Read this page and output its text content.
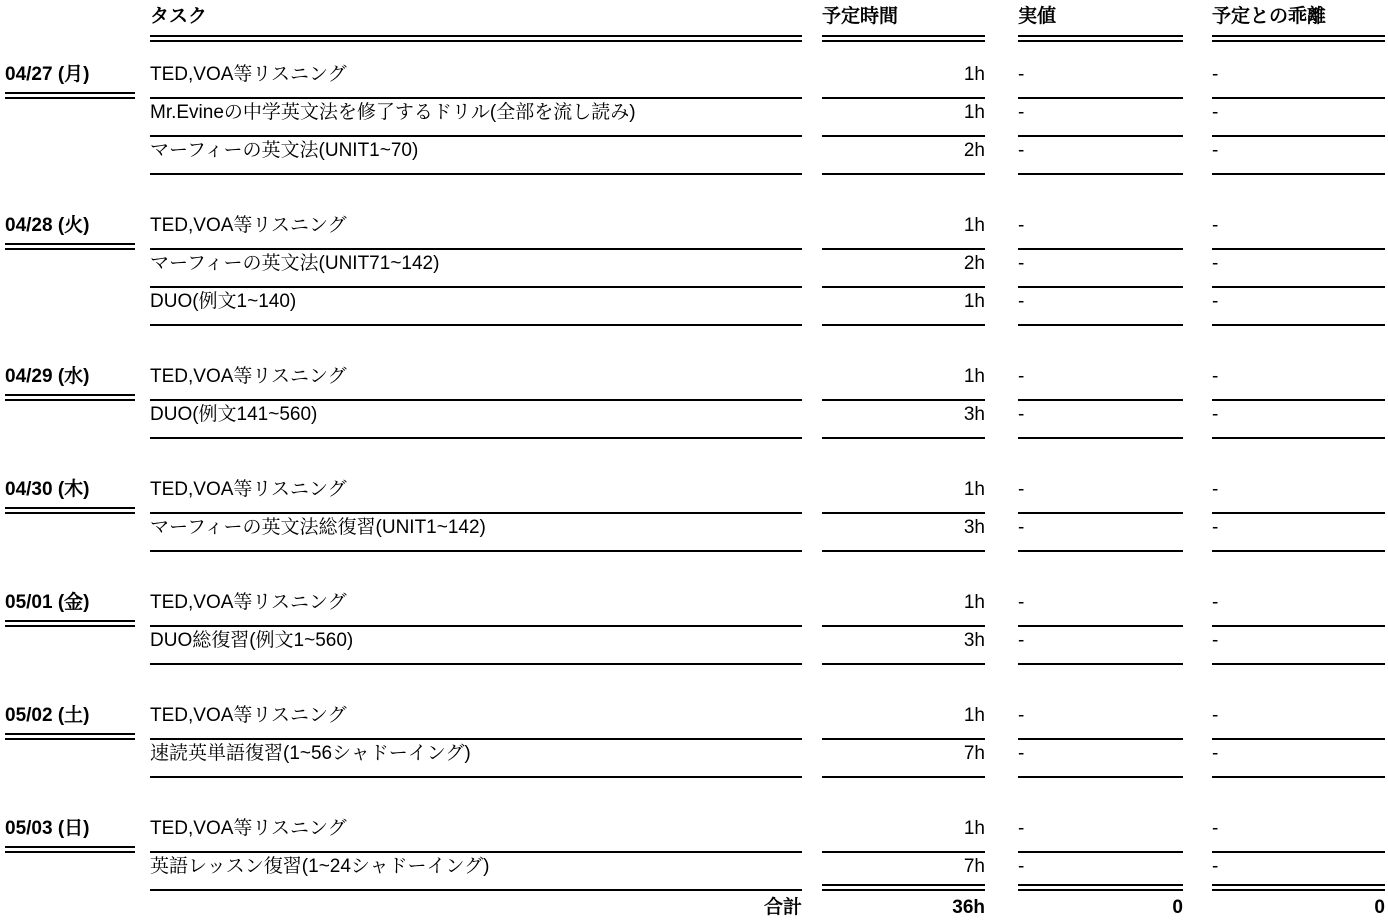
		タスク		予定時間		実値		予定との乖離

04/27 (月)		TED,VOA等リスニング		1h		-		-
		Mr.Evineの中学英文法を修了するドリル(全部を流し読み)		1h		-		-
		マーフィーの英文法(UNIT1~70)		2h		-		-

04/28 (火)		TED,VOA等リスニング		1h		-		-
		マーフィーの英文法(UNIT71~142)		2h		-		-
		DUO(例文1~140)		1h		-		-

04/29 (水)		TED,VOA等リスニング		1h		-		-
		DUO(例文141~560)		3h		-		-

04/30 (木)		TED,VOA等リスニング		1h		-		-
		マーフィーの英文法総復習(UNIT1~142)		3h		-		-

05/01 (金)		TED,VOA等リスニング		1h		-		-
		DUO総復習(例文1~560)		3h		-		-

05/02 (土)		TED,VOA等リスニング		1h		-		-
		速読英単語復習(1~56シャドーイング)		7h		-		-

05/03 (日)		TED,VOA等リスニング		1h		-		-
		英語レッスン復習(1~24シャドーイング)		7h		-		-
		合計		36h		0		0
